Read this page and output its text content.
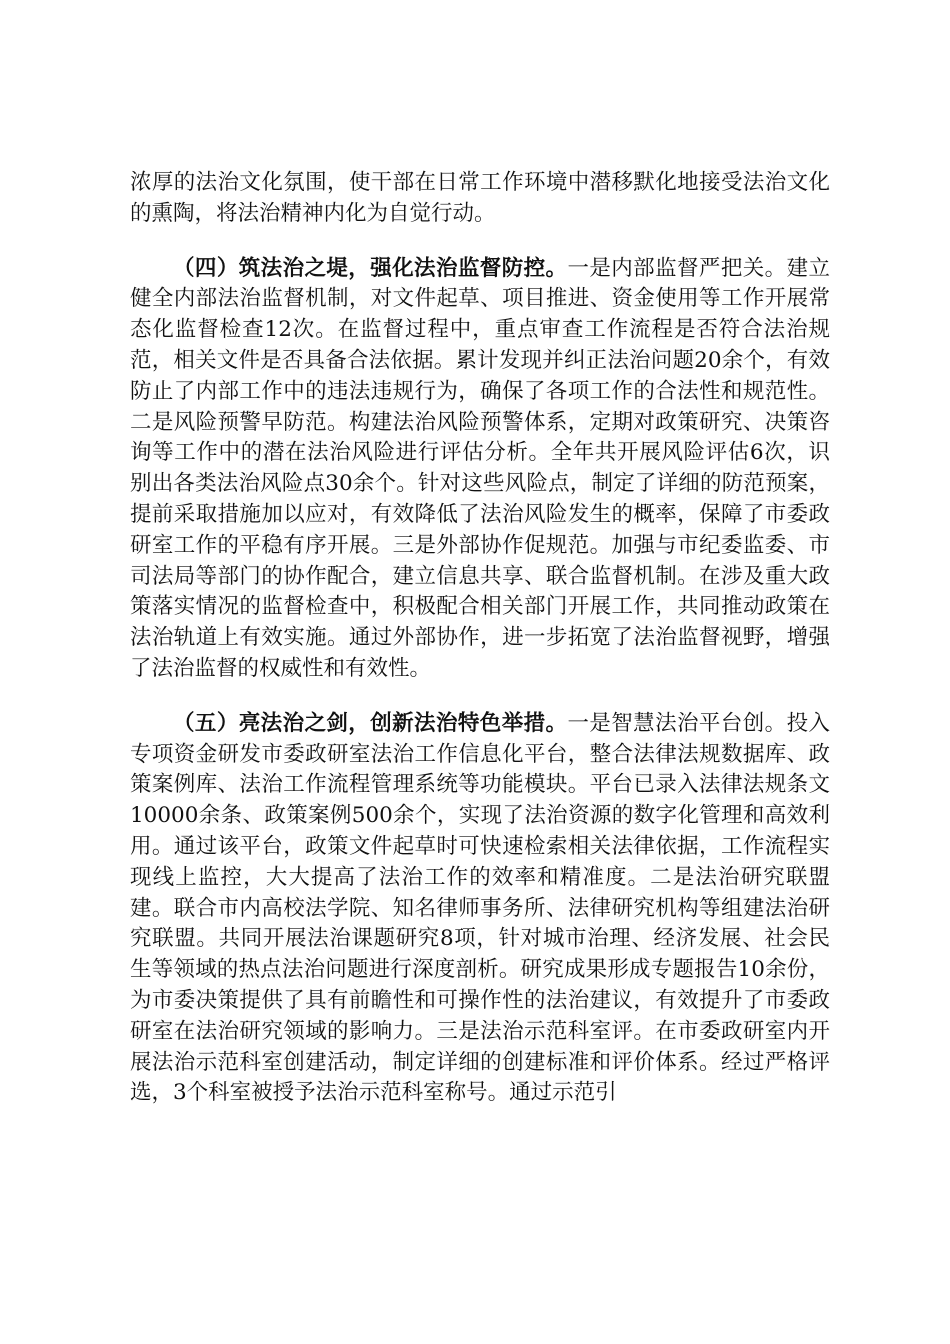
浓厚的法治文化氛围，使干部在日常工作环境中潜移默化地接受法治文化的熏陶，将法治精神内化为自觉行动。

（四）筑法治之堤，强化法治监督防控。一是内部监督严把关。建立健全内部法治监督机制，对文件起草、项目推进、资金使用等工作开展常态化监督检查12次。在监督过程中，重点审查工作流程是否符合法治规范，相关文件是否具备合法依据。累计发现并纠正法治问题20余个，有效防止了内部工作中的违法违规行为，确保了各项工作的合法性和规范性。二是风险预警早防范。构建法治风险预警体系，定期对政策研究、决策咨询等工作中的潜在法治风险进行评估分析。全年共开展风险评估6次，识别出各类法治风险点30余个。针对这些风险点，制定了详细的防范预案，提前采取措施加以应对，有效降低了法治风险发生的概率，保障了市委政研室工作的平稳有序开展。三是外部协作促规范。加强与市纪委监委、市司法局等部门的协作配合，建立信息共享、联合监督机制。在涉及重大政策落实情况的监督检查中，积极配合相关部门开展工作，共同推动政策在法治轨道上有效实施。通过外部协作，进一步拓宽了法治监督视野，增强了法治监督的权威性和有效性。

（五）亮法治之剑，创新法治特色举措。一是智慧法治平台创。投入专项资金研发市委政研室法治工作信息化平台，整合法律法规数据库、政策案例库、法治工作流程管理系统等功能模块。平台已录入法律法规条文10000余条、政策案例500余个，实现了法治资源的数字化管理和高效利用。通过该平台，政策文件起草时可快速检索相关法律依据，工作流程实现线上监控，大大提高了法治工作的效率和精准度。二是法治研究联盟建。联合市内高校法学院、知名律师事务所、法律研究机构等组建法治研究联盟。共同开展法治课题研究8项，针对城市治理、经济发展、社会民生等领域的热点法治问题进行深度剖析。研究成果形成专题报告10余份，为市委决策提供了具有前瞻性和可操作性的法治建议，有效提升了市委政研室在法治研究领域的影响力。三是法治示范科室评。在市委政研室内开展法治示范科室创建活动，制定详细的创建标准和评价体系。经过严格评选，3个科室被授予法治示范科室称号。通过示范引
